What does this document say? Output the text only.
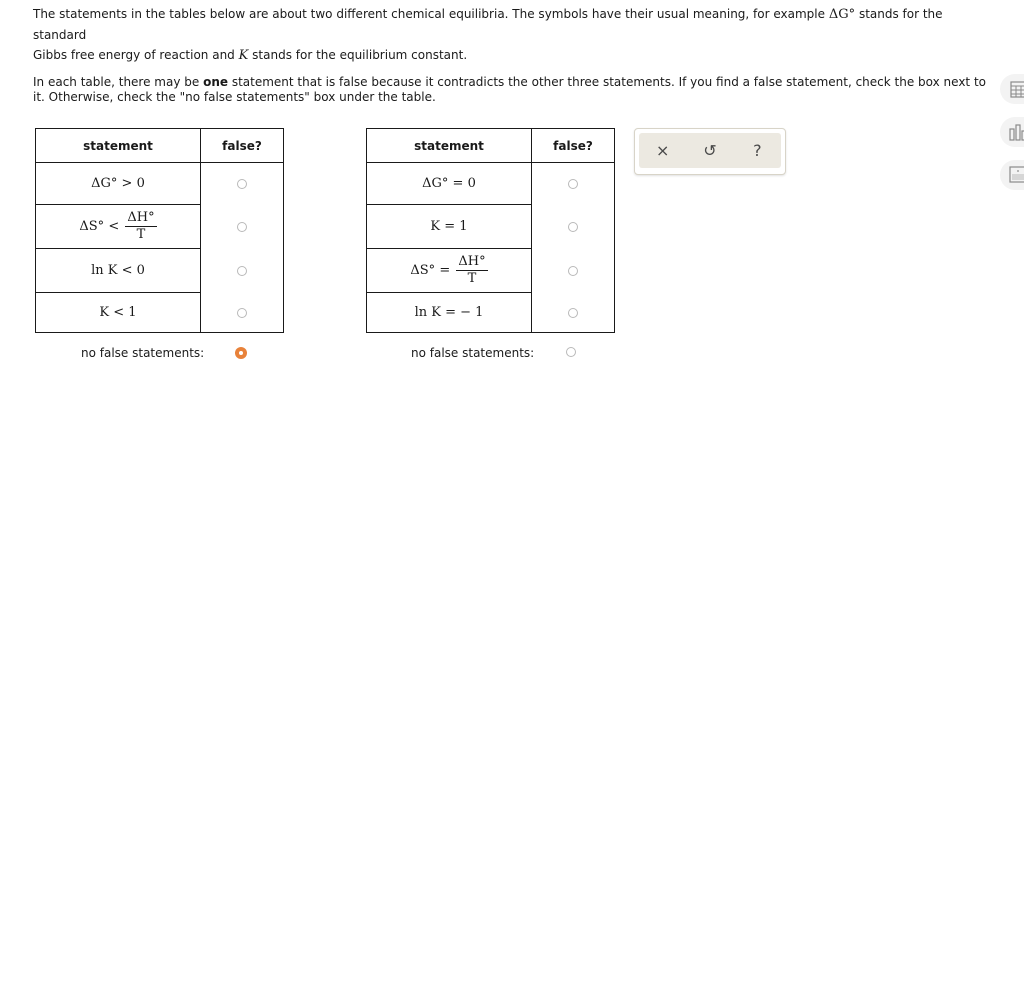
The statements in the tables below are about two different chemical equilibria. The symbols have their usual meaning, for example ΔG° stands for the standard
Gibbs free energy of reaction and K stands for the equilibrium constant.

In each table, there may be one statement that is false because it contradicts the other three statements. If you find a false statement, check the box next to it. Otherwise, check the "no false statements" box under the table.

statement	false?
ΔG° > 0	
$\Delta S^\circ < \frac{\Delta H^\circ}{T}$

ln K < 0	
K < 1	
no false statements:
statement	false?
ΔG° = 0	
K = 1	
$\Delta S^\circ = \frac{\Delta H^\circ}{T}$

ln K = − 1	
no false statements:
×	↺	?
